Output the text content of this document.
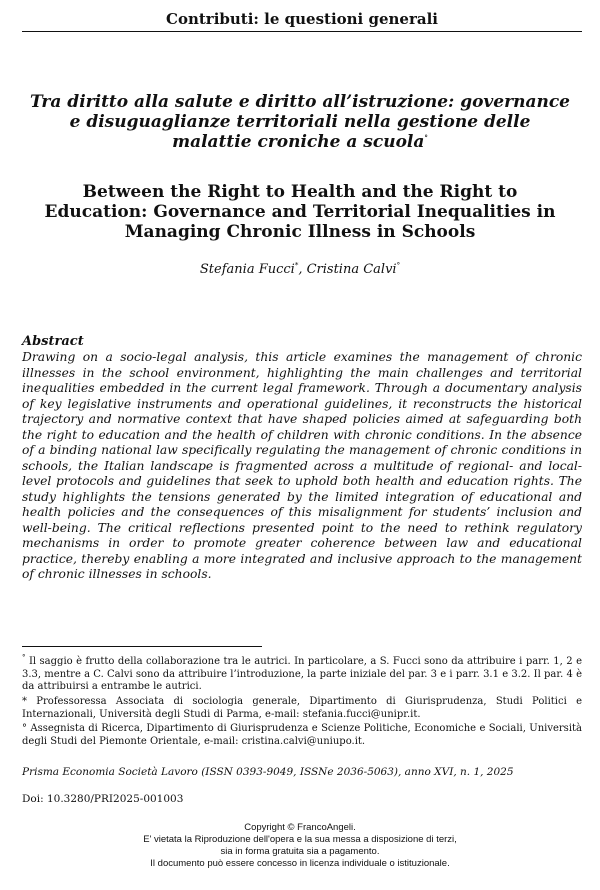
Contributi: le questioni generali
Tra diritto alla salute e diritto all’istruzione: governance e disuguaglianze territoriali nella gestione delle malattie croniche a scuola°
Between the Right to Health and the Right to Education: Governance and Territorial Inequalities in Managing Chronic Illness in Schools
Stefania Fucci*, Cristina Calvi°
Abstract
Drawing on a socio-legal analysis, this article examines the management of chronic illnesses in the school environment, highlighting the main challenges and territorial inequalities embedded in the current legal framework. Through a documentary analysis of key legislative instruments and operational guidelines, it reconstructs the historical trajectory and normative context that have shaped policies aimed at safeguarding both the right to education and the health of children with chronic conditions. In the absence of a binding national law specifically regulating the management of chronic conditions in schools, the Italian landscape is fragmented across a multitude of regional- and local-level protocols and guidelines that seek to uphold both health and education rights. The study highlights the tensions generated by the limited integration of educational and health policies and the consequences of this misalignment for students’ inclusion and well-being. The critical reflections presented point to the need to rethink regulatory mechanisms in order to promote greater coherence between law and educational practice, thereby enabling a more integrated and inclusive approach to the management of chronic illnesses in schools.
° Il saggio è frutto della collaborazione tra le autrici. In particolare, a S. Fucci sono da attribuire i parr. 1, 2 e 3.3, mentre a C. Calvi sono da attribuire l’introduzione, la parte iniziale del par. 3 e i parr. 3.1 e 3.2. Il par. 4 è da attribuirsi a entrambe le autrici.
* Professoressa Associata di sociologia generale, Dipartimento di Giurisprudenza, Studi Politici e Internazionali, Università degli Studi di Parma, e-mail: stefania.fucci@unipr.it.
° Assegnista di Ricerca, Dipartimento di Giurisprudenza e Scienze Politiche, Economiche e Sociali, Università degli Studi del Piemonte Orientale, e-mail: cristina.calvi@uniupo.it.
Prisma Economia Società Lavoro (ISSN 0393-9049, ISSNe 2036-5063), anno XVI, n. 1, 2025
Doi: 10.3280/PRI2025-001003
Copyright © FrancoAngeli.
E' vietata la Riproduzione dell'opera e la sua messa a disposizione di terzi,
sia in forma gratuita sia a pagamento.
Il documento può essere concesso in licenza individuale o istituzionale.
